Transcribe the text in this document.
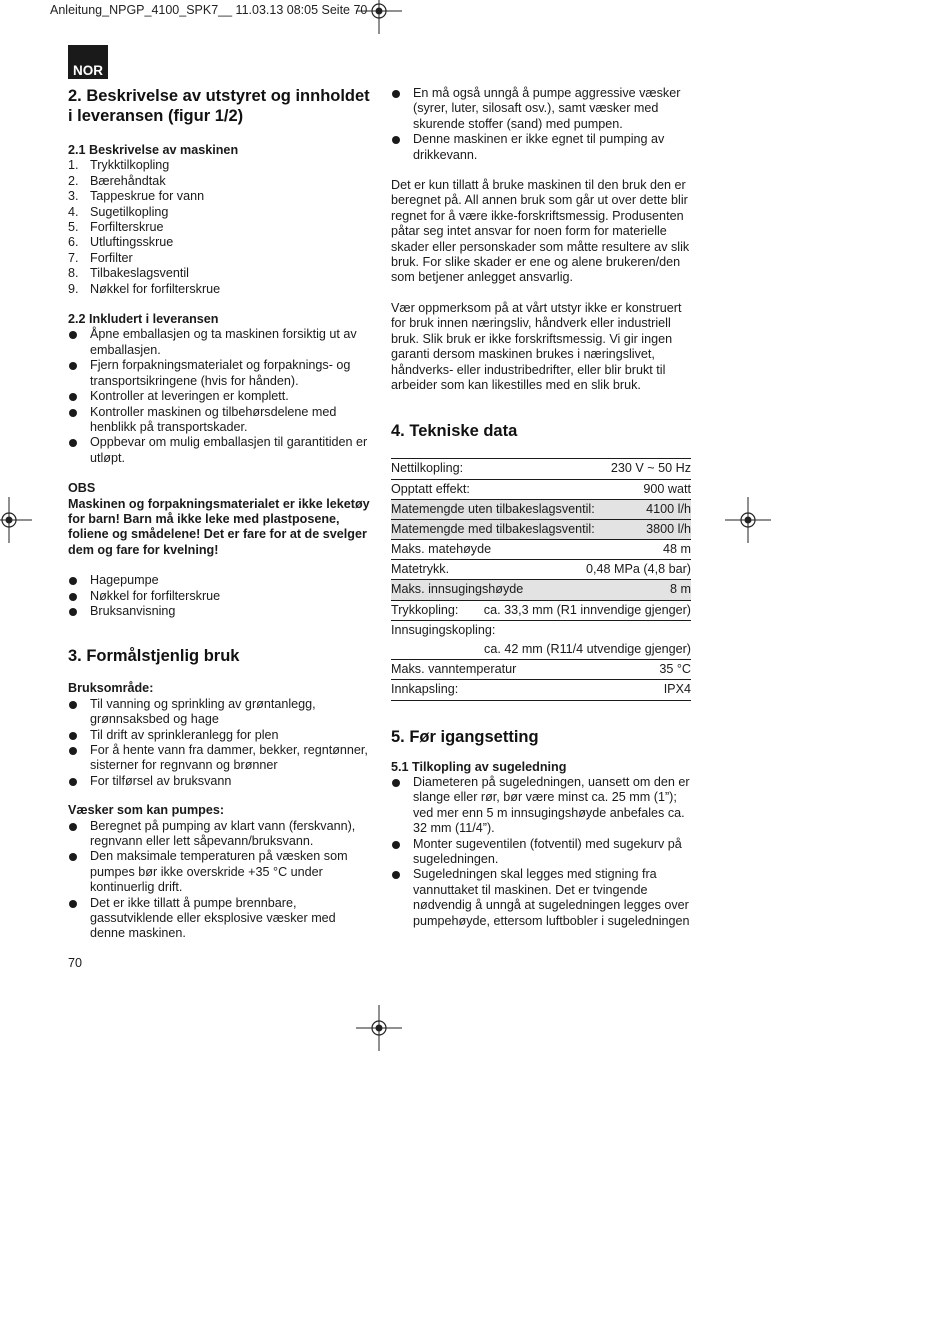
Anleitung_NPGP_4100_SPK7__ 11.03.13 08:05 Seite 70
NOR
2. Beskrivelse av utstyret og innholdet i leveransen (figur 1/2)
2.1 Beskrivelse av maskinen
1. Trykktilkopling
2. Bærehåndtak
3. Tappeskrue for vann
4. Sugetilkopling
5. Forfilterskrue
6. Utluftingsskrue
7. Forfilter
8. Tilbakeslagsventil
9. Nøkkel for forfilterskrue
2.2 Inkludert i leveransen
Åpne emballasjen og ta maskinen forsiktig ut av emballasjen.
Fjern forpakningsmaterialet og forpaknings- og transportsikringene (hvis for hånden).
Kontroller at leveringen er komplett.
Kontroller maskinen og tilbehørsdelene med henblikk på transportskader.
Oppbevar om mulig emballasjen til garantitiden er utløpt.

OBS

Maskinen og forpakningsmaterialet er ikke leketøy for barn! Barn må ikke leke med plastposene, foliene og smådelene! Det er fare for at de svelger dem og fare for kvelning!

Hagepumpe
Nøkkel for forfilterskrue
Bruksanvisning
3. Formålstjenlig bruk
Bruksområde:
Til vanning og sprinkling av grøntanlegg, grønnsaksbed og hage
Til drift av sprinkleranlegg for plen
For å hente vann fra dammer, bekker, regntønner, sisterner for regnvann og brønner
For tilførsel av bruksvann
Væsker som kan pumpes:
Beregnet på pumping av klart vann (ferskvann), regnvann eller lett såpevann/bruksvann.
Den maksimale temperaturen på væsken som pumpes bør ikke overskride +35 °C under kontinuerlig drift.
Det er ikke tillatt å pumpe brennbare, gassutviklende eller eksplosive væsker med denne maskinen.
En må også unngå å pumpe aggressive væsker (syrer, luter, silosaft osv.), samt væsker med skurende stoffer (sand) med pumpen.
Denne maskinen er ikke egnet til pumping av drikkevann.

Det er kun tillatt å bruke maskinen til den bruk den er beregnet på. All annen bruk som går ut over dette blir regnet for å være ikke-forskriftsmessig. Produsenten påtar seg intet ansvar for noen form for materielle skader eller personskader som måtte resultere av slik bruk. For slike skader er ene og alene brukeren/den som betjener anlegget ansvarlig.

Vær oppmerksom på at vårt utstyr ikke er konstruert for bruk innen næringsliv, håndverk eller industriell bruk. Slik bruk er ikke forskriftsmessig. Vi gir ingen garanti dersom maskinen brukes i næringslivet, håndverks- eller industribedrifter, eller blir brukt til arbeider som kan likestilles med en slik bruk.

4. Tekniske data
Nettilkopling:	230 V ~ 50 Hz
Opptatt effekt:	900 watt
Matemengde uten tilbakeslagsventil:	4100 l/h
Matemengde med tilbakeslagsventil:	3800 l/h
Maks. matehøyde	48 m
Matetrykk.	0,48 MPa (4,8 bar)
Maks. innsugingshøyde	8 m
Trykkopling: ca. 33,3 mm (R1 innvendige gjenger)
Innsugingskopling:
ca. 42 mm (R11/4 utvendige gjenger)
Maks. vanntemperatur	35 °C
Innkapsling:	IPX4
5. Før igangsetting
5.1 Tilkopling av sugeledning
Diameteren på sugeledningen, uansett om den er slange eller rør, bør være minst ca. 25 mm (1”); ved mer enn 5 m innsugingshøyde anbefales ca. 32 mm (11/4”).
Monter sugeventilen (fotventil) med sugekurv på sugeledningen.
Sugeledningen skal legges med stigning fra vannuttaket til maskinen. Det er tvingende nødvendig å unngå at sugeledningen legges over pumpehøyde, ettersom luftbobler i sugeledningen
70
